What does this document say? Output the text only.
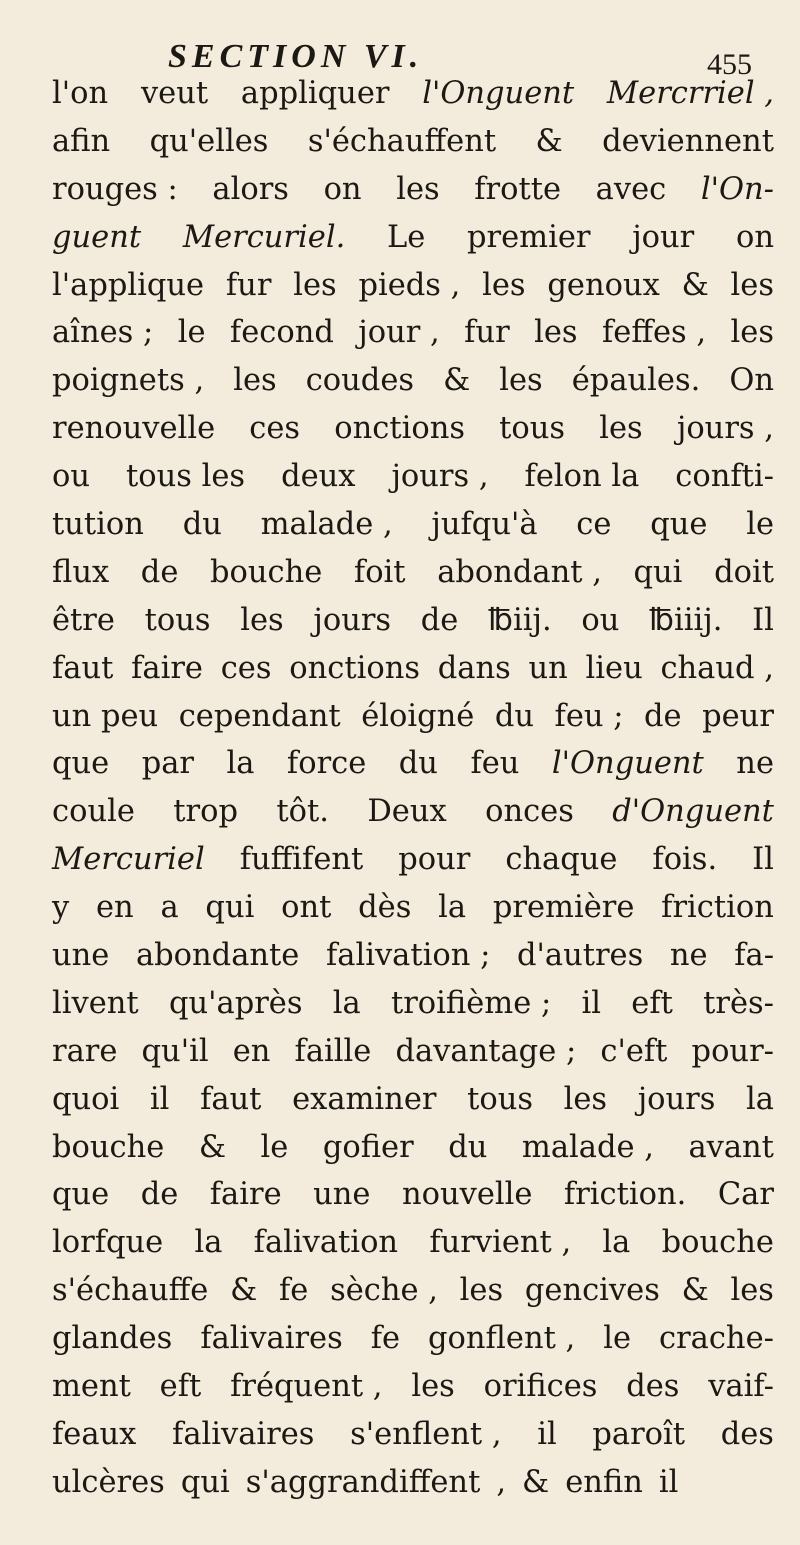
SECTION VI.	455
l'on veut appliquer l'Onguent Mercrriel ,
afin qu'elles s'échauffent & deviennent
rouges : alors on les frotte avec l'On-
guent Mercuriel. Le premier jour on
l'applique fur les pieds , les genoux & les
aînes ; le fecond jour , fur les feffes , les
poignets , les coudes & les épaules. On
renouvelle ces onctions tous les jours ,
ou tous les deux jours , felon la confti-
tution du malade , jufqu'à ce que le
flux de bouche foit abondant , qui doit
être tous les jours de ℔iij. ou ℔iiij. Il
faut faire ces onctions dans un lieu chaud ,
un peu cependant éloigné du feu ; de peur
que par la force du feu l'Onguent ne
coule trop tôt. Deux onces d'Onguent
Mercuriel fuffifent pour chaque fois. Il
y en a qui ont dès la première friction
une abondante falivation ; d'autres ne fa-
livent qu'après la troifième ; il eft très-
rare qu'il en faille davantage ; c'eft pour-
quoi il faut examiner tous les jours la
bouche & le gofier du malade , avant
que de faire une nouvelle friction. Car
lorfque la falivation furvient , la bouche
s'échauffe & fe sèche , les gencives & les
glandes falivaires fe gonflent , le crache-
ment eft fréquent , les orifices des vaif-
feaux falivaires s'enflent , il paroît des
ulcères qui s'aggrandiffent , & enfin il
